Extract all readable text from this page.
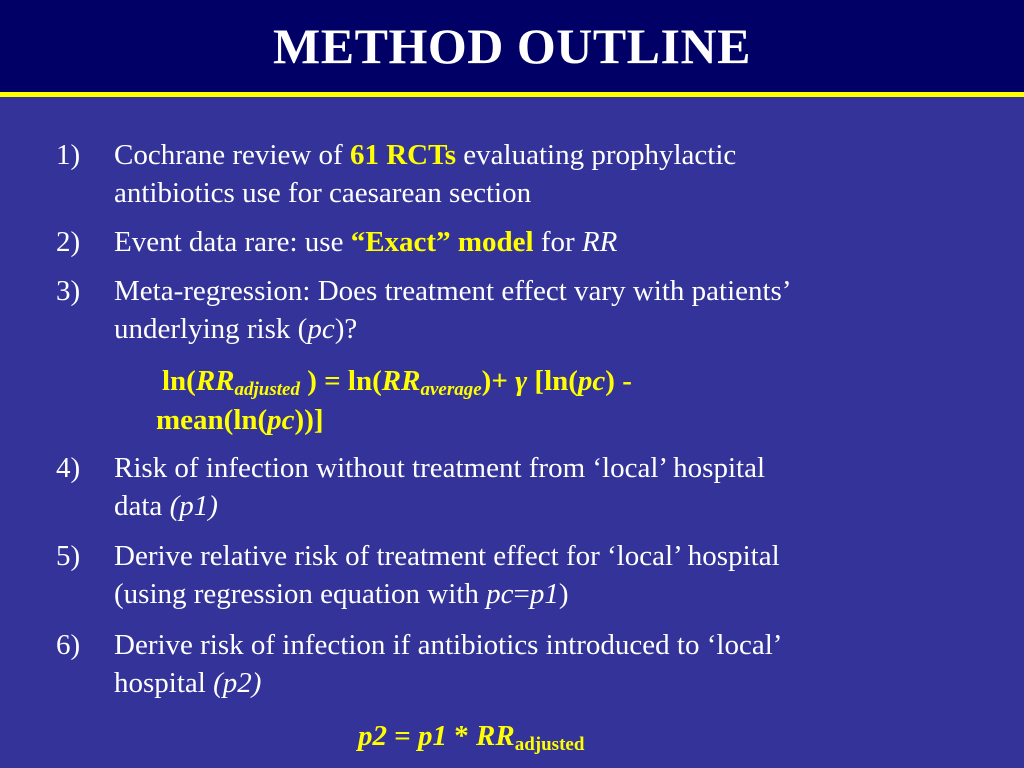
METHOD OUTLINE
1) Cochrane review of 61 RCTs evaluating prophylactic
antibiotics use for caesarean section
2) Event data rare: use “Exact” model for RR
3) Meta-regression: Does treatment effect vary with patients’
underlying risk (pc)?
$\ln(RR_{adjusted}$ ) = $\ln(RR_{average})+ \gamma$ [ln(pc) -
mean(ln(pc))]
4) Risk of infection without treatment from ‘local’ hospital
data (p1)
5) Derive relative risk of treatment effect for ‘local’ hospital
(using regression equation with pc=p1)
6) Derive risk of infection if antibiotics introduced to ‘local’
hospital (p2)
$p2 = p1 * RR_{adjusted}$
